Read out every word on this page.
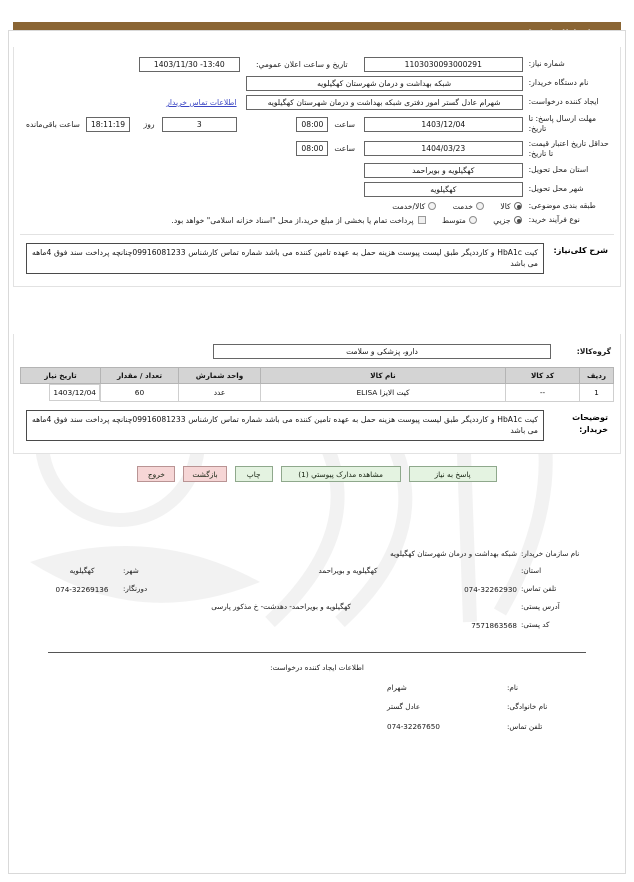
شماره نیاز:	1103030093000291	تاریخ و ساعت اعلان عمومي:	1403/11/30 -13:40	
نام دستگاه خریدار:	
شبکه بهداشت و درمان شهرستان کهگیلویه

ایجاد کننده درخواست:	
شهرام عادل گستر امور دفتری شبکه بهداشت و درمان شهرستان کهگیلویه
	اطلاعات تماس خریدار
مهلت ارسال پاسخ: تا تاریخ:	1403/12/04	
ساعت	08:00

3
	روز

18:11:19	ساعت باقی‌مانده

حداقل تاریخ اعتبار قیمت: تا تاریخ:	1404/03/23	
ساعت	08:00

استان محل تحویل:	
کهگیلویه و بویراحمد

شهر محل تحویل:	
کهگیلویه

طبقه بندی موضوعی:	کالا خدمت کالا/خدمت
نوع فرآیند خرید:	جزیي متوسط پرداخت تمام یا بخشی از مبلغ خرید،از محل "اسناد خزانه اسلامی" خواهد بود.
شرح کلی‌نیاز:
کیت HbA1c و کارددیگر طبق لیست پیوست هزینه حمل به عهده تامین کننده می باشد شماره تماس کارشناس 09916081233چنانچه پرداخت سند فوق 4ماهه می باشد
گروه‌کالا:	
دارو، پزشکی و سلامت

ردیف	کد کالا	نام کالا	واحد شمارش	تعداد / مقدار	تاریخ نیاز
1	--	کیت الایزا ELISA	عدد	60	1403/12/04
توضیحات خریدار:
کیت HbA1c و کارددیگر طبق لیست پیوست هزینه حمل به عهده تامین کننده می باشد شماره تماس کارشناس 09916081233چنانچه پرداخت سند فوق 4ماهه می باشد
پاسخ به نیاز
مشاهده مدارک پیوستي (1)
چاپ
بازگشت
خروج
نام سازمان خریدار:	شبکه بهداشت و درمان شهرستان کهگیلویه		
استان:	کهگیلویه و بویراحمد	شهر:	کهگیلویه
تلفن تماس:	074-32262930دورنگار:	074-32269136
آدرس پستی:	کهگیلویه و بویراحمد- دهدشت- خ مذکور پارسی		
کد پستی:	7571863568
اطلاعات ایجاد کننده درخواست:
نام:	شهرام	
نام خانوادگی:	عادل گستر	
تلفن تماس:	074-32267650
